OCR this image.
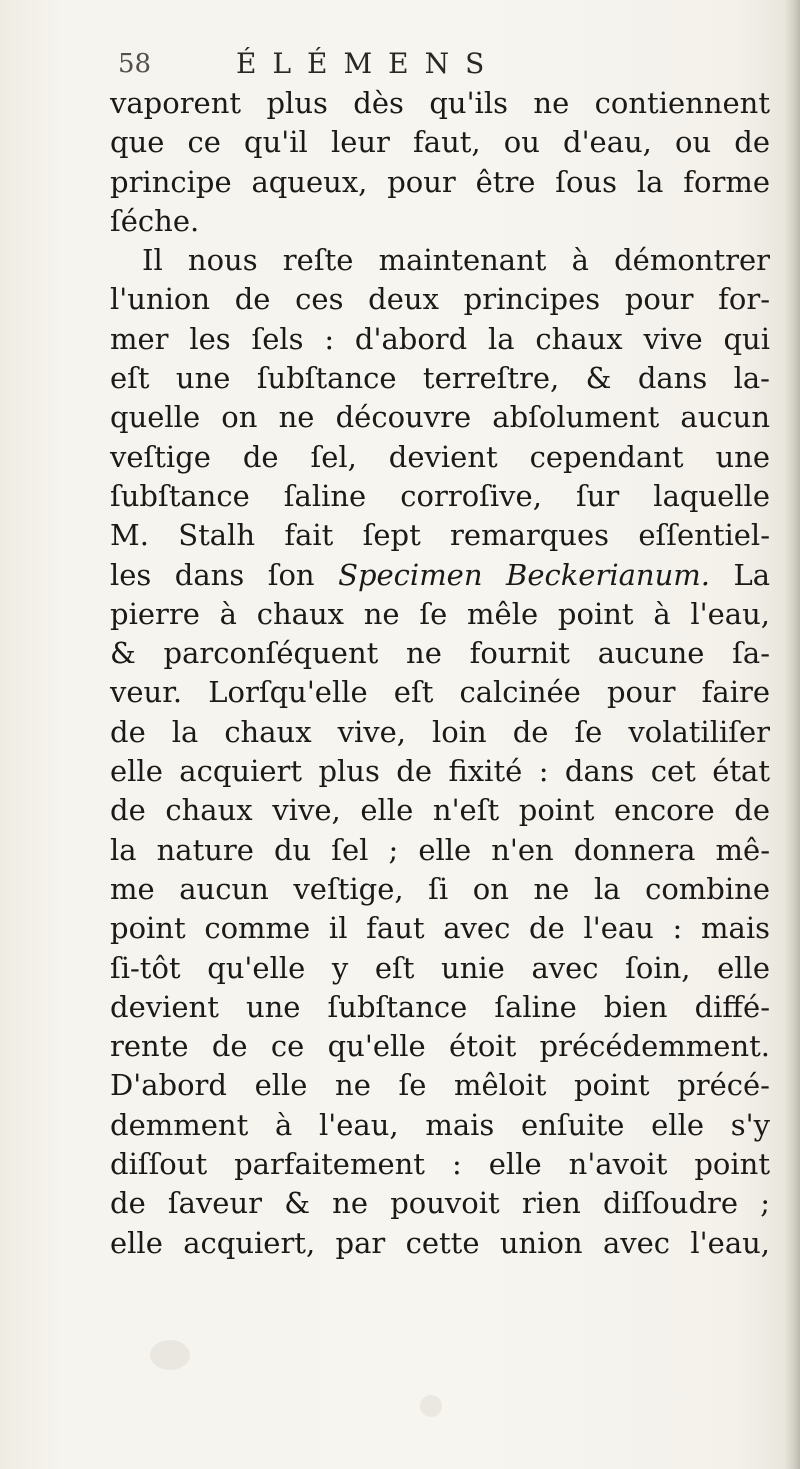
58	ÉLÉMENS
vaporent plus dès qu'ils ne contiennent
que ce qu'il leur faut, ou d'eau, ou de
principe aqueux, pour être ſous la forme
ſéche.
Il nous reſte maintenant à démontrer
l'union de ces deux principes pour for-
mer les ſels : d'abord la chaux vive qui
eſt une ſubſtance terreſtre, & dans la-
quelle on ne découvre abſolument aucun
veſtige de ſel, devient cependant une
ſubſtance ſaline corroſive, ſur laquelle
M. Stalh fait ſept remarques eſſentiel-
les dans ſon Specimen Beckerianum. La
pierre à chaux ne ſe mêle point à l'eau,
& parconſéquent ne fournit aucune ſa-
veur. Lorſqu'elle eſt calcinée pour faire
de la chaux vive, loin de ſe volatiliſer
elle acquiert plus de fixité : dans cet état
de chaux vive, elle n'eſt point encore de
la nature du ſel ; elle n'en donnera mê-
me aucun veſtige, ſi on ne la combine
point comme il faut avec de l'eau : mais
ſi-tôt qu'elle y eſt unie avec ſoin, elle
devient une ſubſtance ſaline bien diffé-
rente de ce qu'elle étoit précédemment.
D'abord elle ne ſe mêloit point précé-
demment à l'eau, mais enſuite elle s'y
diſſout parfaitement : elle n'avoit point
de ſaveur & ne pouvoit rien diſſoudre ;
elle acquiert, par cette union avec l'eau,
